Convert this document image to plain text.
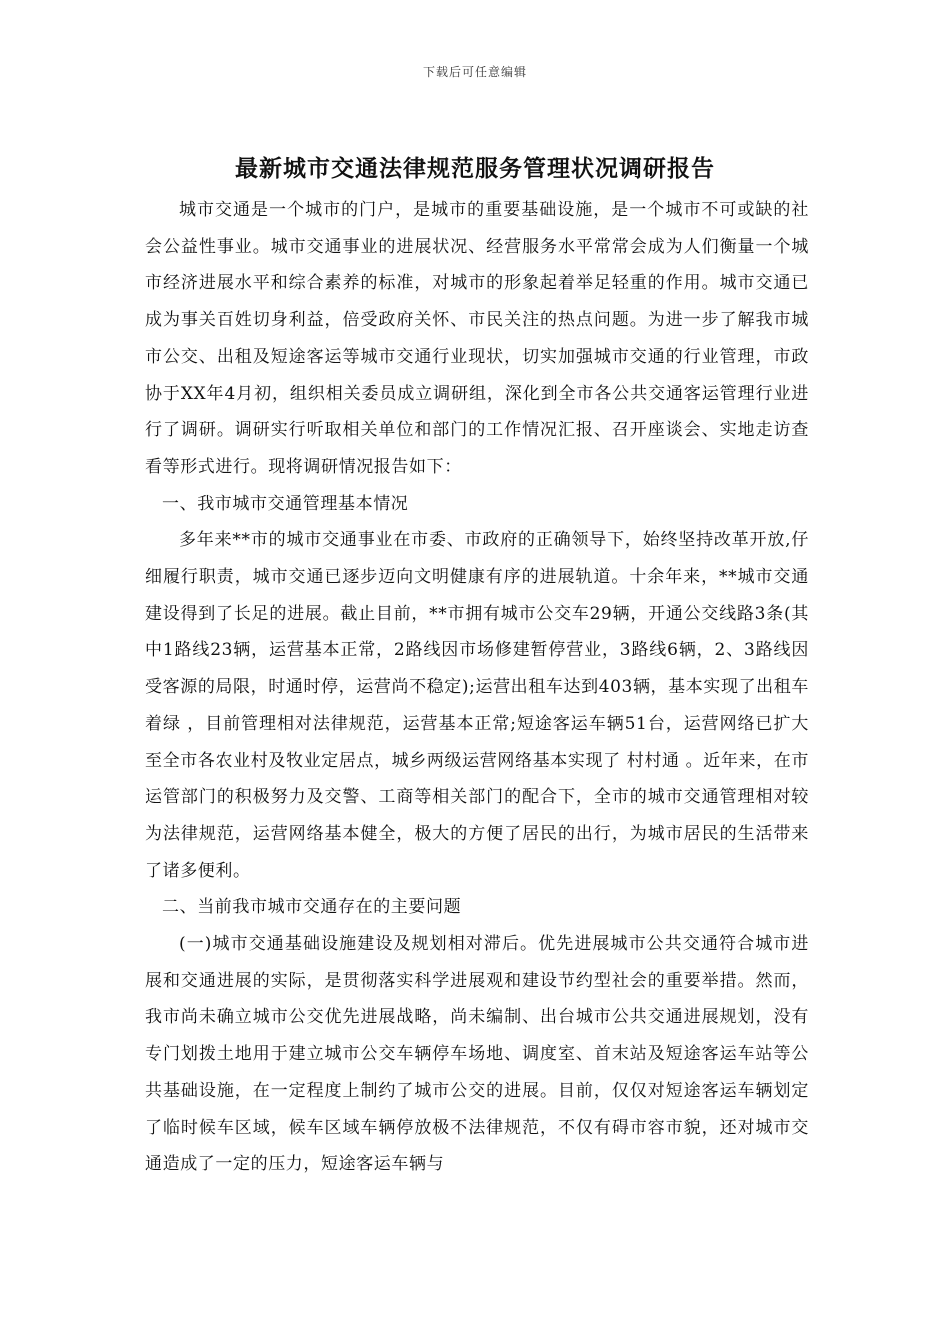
下载后可任意编辑
最新城市交通法律规范服务管理状况调研报告

城市交通是一个城市的门户，是城市的重要基础设施，是一个城市不可或缺的社会公益性事业。城市交通事业的进展状况、经营服务水平常常会成为人们衡量一个城市经济进展水平和综合素养的标准，对城市的形象起着举足轻重的作用。城市交通已成为事关百姓切身利益，倍受政府关怀、市民关注的热点问题。为进一步了解我市城市公交、出租及短途客运等城市交通行业现状，切实加强城市交通的行业管理，市政协于XX年4月初，组织相关委员成立调研组，深化到全市各公共交通客运管理行业进行了调研。调研实行听取相关单位和部门的工作情况汇报、召开座谈会、实地走访查看等形式进行。现将调研情况报告如下：

一、我市城市交通管理基本情况

多年来**市的城市交通事业在市委、市政府的正确领导下，始终坚持改革开放,仔细履行职责，城市交通已逐步迈向文明健康有序的进展轨道。十余年来，**城市交通建设得到了长足的进展。截止目前，**市拥有城市公交车29辆，开通公交线路3条(其中1路线23辆，运营基本正常，2路线因市场修建暂停营业，3路线6辆，2、3路线因受客源的局限，时通时停，运营尚不稳定);运营出租车达到403辆，基本实现了出租车 着绿 ，目前管理相对法律规范，运营基本正常;短途客运车辆51台，运营网络已扩大至全市各农业村及牧业定居点，城乡两级运营网络基本实现了 村村通 。近年来，在市运管部门的积极努力及交警、工商等相关部门的配合下，全市的城市交通管理相对较为法律规范，运营网络基本健全，极大的方便了居民的出行，为城市居民的生活带来了诸多便利。

二、当前我市城市交通存在的主要问题

(一)城市交通基础设施建设及规划相对滞后。优先进展城市公共交通符合城市进展和交通进展的实际，是贯彻落实科学进展观和建设节约型社会的重要举措。然而，我市尚未确立城市公交优先进展战略，尚未编制、出台城市公共交通进展规划，没有专门划拨土地用于建立城市公交车辆停车场地、调度室、首末站及短途客运车站等公共基础设施，在一定程度上制约了城市公交的进展。目前，仅仅对短途客运车辆划定了临时候车区域，候车区域车辆停放极不法律规范，不仅有碍市容市貌，还对城市交通造成了一定的压力，短途客运车辆与
